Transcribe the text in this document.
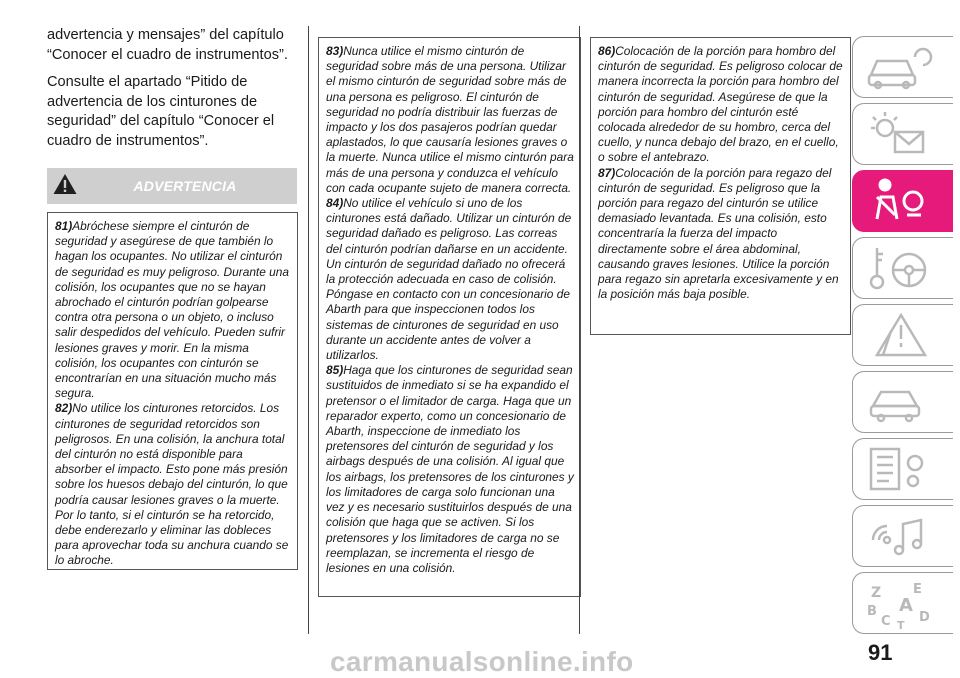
advertencia y mensajes” del capítulo “Conocer el cuadro de instrumentos”.

Consulte el apartado “Pitido de advertencia de los cinturones de seguridad” del capítulo “Conocer el cuadro de instrumentos”.

ADVERTENCIA

81)Abróchese siempre el cinturón de seguridad y asegúrese de que también lo hagan los ocupantes. No utilizar el cinturón de seguridad es muy peligroso. Durante una colisión, los ocupantes que no se hayan abrochado el cinturón podrían golpearse contra otra persona o un objeto, o incluso salir despedidos del vehículo. Pueden sufrir lesiones graves y morir. En la misma colisión, los ocupantes con cinturón se encontrarían en una situación mucho más segura.

82)No utilice los cinturones retorcidos. Los cinturones de seguridad retorcidos son peligrosos. En una colisión, la anchura total del cinturón no está disponible para absorber el impacto. Esto pone más presión sobre los huesos debajo del cinturón, lo que podría causar lesiones graves o la muerte. Por lo tanto, si el cinturón se ha retorcido, debe enderezarlo y eliminar las dobleces para aprovechar toda su anchura cuando se lo abroche.

83)Nunca utilice el mismo cinturón de seguridad sobre más de una persona. Utilizar el mismo cinturón de seguridad sobre más de una persona es peligroso. El cinturón de seguridad no podría distribuir las fuerzas de impacto y los dos pasajeros podrían quedar aplastados, lo que causaría lesiones graves o la muerte. Nunca utilice el mismo cinturón para más de una persona y conduzca el vehículo con cada ocupante sujeto de manera correcta.

84)No utilice el vehículo si uno de los cinturones está dañado. Utilizar un cinturón de seguridad dañado es peligroso. Las correas del cinturón podrían dañarse en un accidente. Un cinturón de seguridad dañado no ofrecerá la protección adecuada en caso de colisión. Póngase en contacto con un concesionario de Abarth para que inspeccionen todos los sistemas de cinturones de seguridad en uso durante un accidente antes de volver a utilizarlos.

85)Haga que los cinturones de seguridad sean sustituidos de inmediato si se ha expandido el pretensor o el limitador de carga. Haga que un reparador experto, como un concesionario de Abarth, inspeccione de inmediato los pretensores del cinturón de seguridad y los airbags después de una colisión. Al igual que los airbags, los pretensores de los cinturones y los limitadores de carga solo funcionan una vez y es necesario sustituirlos después de una colisión que haga que se activen. Si los pretensores y los limitadores de carga no se reemplazan, se incrementa el riesgo de lesiones en una colisión.

86)Colocación de la porción para hombro del cinturón de seguridad. Es peligroso colocar de manera incorrecta la porción para hombro del cinturón de seguridad. Asegúrese de que la porción para hombro del cinturón esté colocada alrededor de su hombro, cerca del cuello, y nunca debajo del brazo, en el cuello, o sobre el antebrazo.

87)Colocación de la porción para regazo del cinturón de seguridad. Es peligroso que la porción para regazo del cinturón se utilice demasiado levantada. Es una colisión, esto concentraría la fuerza del impacto directamente sobre el área abdominal, causando graves lesiones. Utilice la porción para regazo sin apretarla excesivamente y en la posición más baja posible.

Z E
B A
C D
T
carmanualsonline.info	91
